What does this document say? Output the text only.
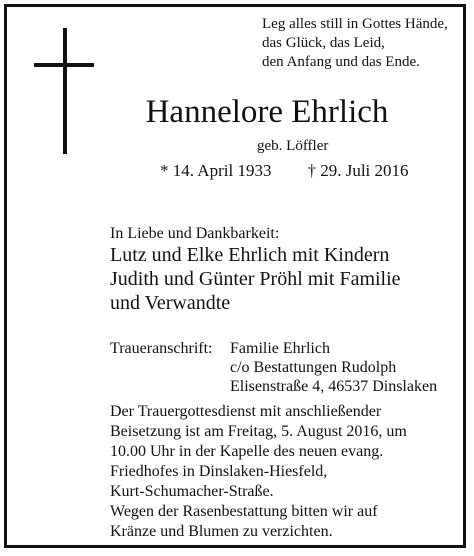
Leg alles still in Gottes Hände,
das Glück, das Leid,
den Anfang und das Ende.
Hannelore Ehrlich
geb. Löffler
* 14. April 1933 † 29. Juli 2016
In Liebe und Dankbarkeit:
Lutz und Elke Ehrlich mit Kindern
Judith und Günter Pröhl mit Familie
und Verwandte
Traueranschrift: Familie Ehrlich
c/o Bestattungen Rudolph
Elisenstraße 4, 46537 Dinslaken
Der Trauergottesdienst mit anschließender
Beisetzung ist am Freitag, 5. August 2016, um
10.00 Uhr in der Kapelle des neuen evang.
Friedhofes in Dinslaken-Hiesfeld,
Kurt-Schumacher-Straße.
Wegen der Rasenbestattung bitten wir auf
Kränze und Blumen zu verzichten.
